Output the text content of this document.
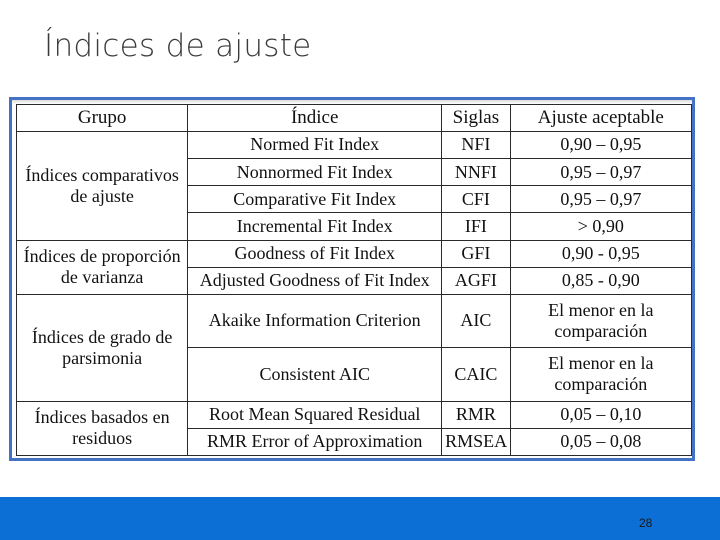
Índices de ajuste
Grupo	Índice	Siglas	Ajuste aceptable
Índices comparativos de ajuste	Normed Fit Index	NFI	0,90 – 0,95
	Nonnormed Fit Index	NNFI	0,95 – 0,97
	Comparative Fit Index	CFI	0,95 – 0,97
	Incremental Fit Index	IFI	> 0,90
Índices de proporción de varianza	Goodness of Fit Index	GFI	0,90 - 0,95
	Adjusted Goodness of Fit Index	AGFI	0,85 - 0,90
Índices de grado de parsimonia	Akaike Information Criterion	AIC	El menor en la comparación
	Consistent AIC	CAIC	El menor en la comparación
Índices basados en residuos	Root Mean Squared Residual	RMR	0,05 – 0,10
	RMR Error of Approximation	RMSEA	0,05 – 0,08
28
